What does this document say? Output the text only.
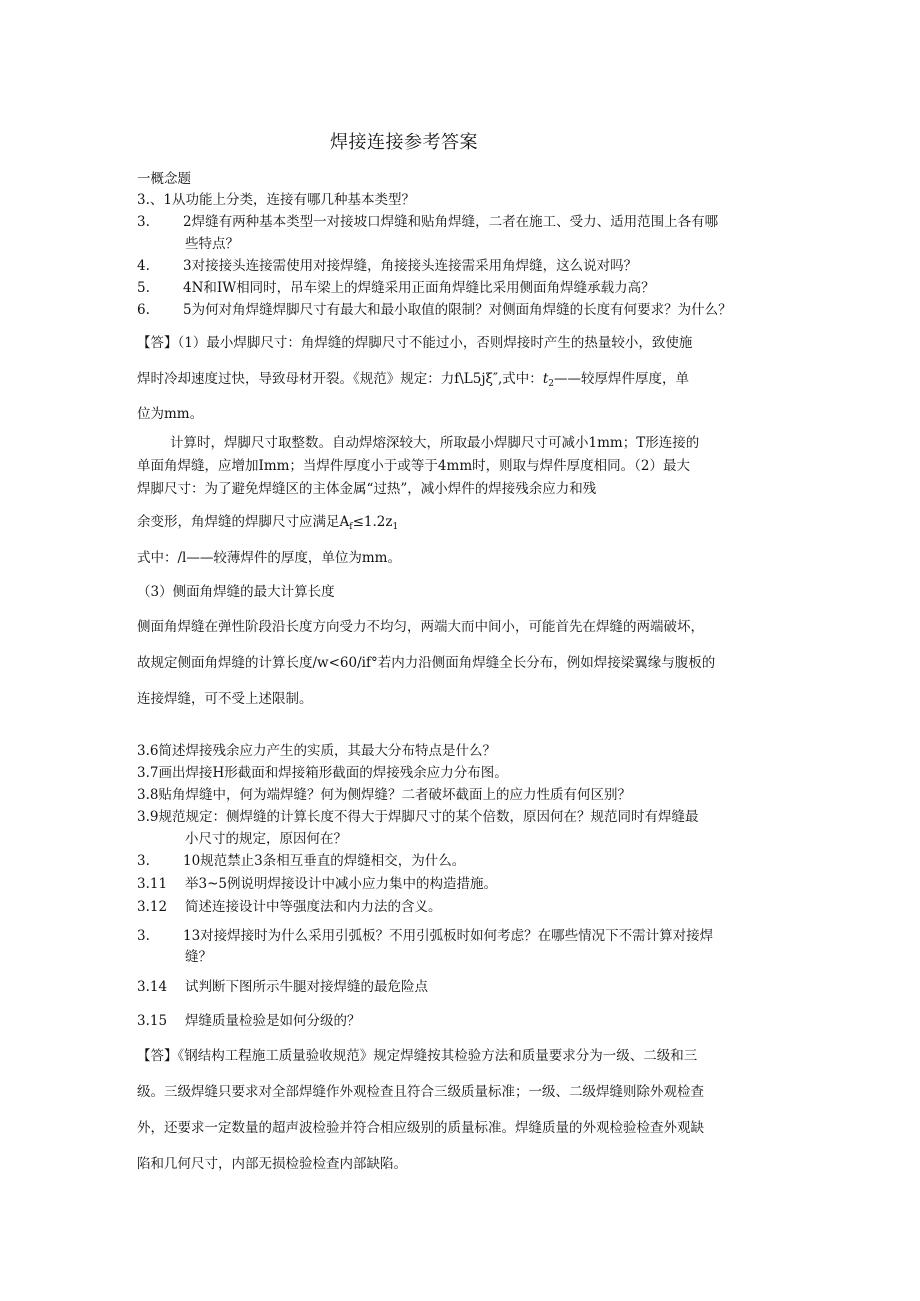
焊接连接参考答案
一概念题
3.、1从功能上分类，连接有哪几种基本类型？
3. 2焊缝有两种基本类型一对接坡口焊缝和贴角焊缝，二者在施工、受力、适用范围上各有哪
些特点？
4. 3对接接头连接需使用对接焊缝，角接接头连接需采用角焊缝，这么说对吗？
5. 4N和IW相同时，吊车梁上的焊缝采用正面角焊缝比采用侧面角焊缝承载力高？
6. 5为何对角焊缝焊脚尺寸有最大和最小取值的限制？对侧面角焊缝的长度有何要求？为什么？
【答】（1）最小焊脚尺寸：角焊缝的焊脚尺寸不能过小，否则焊接时产生的热量较小，致使施
焊时冷却速度过快，导致母材开裂。《规范》规定：力f\L5jξ″,式中：$t_2——$较厚焊件厚度，单
位为mm。
计算时，焊脚尺寸取整数。自动焊熔深较大，所取最小焊脚尺寸可减小1mm；T形连接的
单面角焊缝，应增加Imm；当焊件厚度小于或等于4mm时，则取与焊件厚度相同。（2）最大
焊脚尺寸：为了避免焊缝区的主体金属“过热”，减小焊件的焊接残余应力和残
余变形，角焊缝的焊脚尺寸应满足$A_f\le 1.2z_1$
式中：/l——较薄焊件的厚度，单位为mm。
（3）侧面角焊缝的最大计算长度
侧面角焊缝在弹性阶段沿长度方向受力不均匀，两端大而中间小，可能首先在焊缝的两端破坏，
故规定侧面角焊缝的计算长度/w<60/if°若内力沿侧面角焊缝全长分布，例如焊接梁翼缘与腹板的
连接焊缝，可不受上述限制。
3.6简述焊接残余应力产生的实质，其最大分布特点是什么？
3.7画出焊接H形截面和焊接箱形截面的焊接残余应力分布图。
3.8贴角焊缝中，何为端焊缝？何为侧焊缝？二者破坏截面上的应力性质有何区别？
3.9规范规定：侧焊缝的计算长度不得大于焊脚尺寸的某个倍数，原因何在？规范同时有焊缝最
小尺寸的规定，原因何在？
3. 10规范禁止3条相互垂直的焊缝相交，为什么。
3.11 举3~5例说明焊接设计中减小应力集中的构造措施。
3.12 简述连接设计中等强度法和内力法的含义。
3. 13对接焊接时为什么采用引弧板？不用引弧板时如何考虑？在哪些情况下不需计算对接焊
缝？
3.14 试判断下图所示牛腿对接焊缝的最危险点
3.15 焊缝质量检验是如何分级的？
【答】《钢结构工程施工质量验收规范》规定焊缝按其检验方法和质量要求分为一级、二级和三
级。三级焊缝只要求对全部焊缝作外观检查且符合三级质量标准；一级、二级焊缝则除外观检查
外，还要求一定数量的超声波检验并符合相应级别的质量标准。焊缝质量的外观检验检查外观缺
陷和几何尺寸，内部无损检验检查内部缺陷。
